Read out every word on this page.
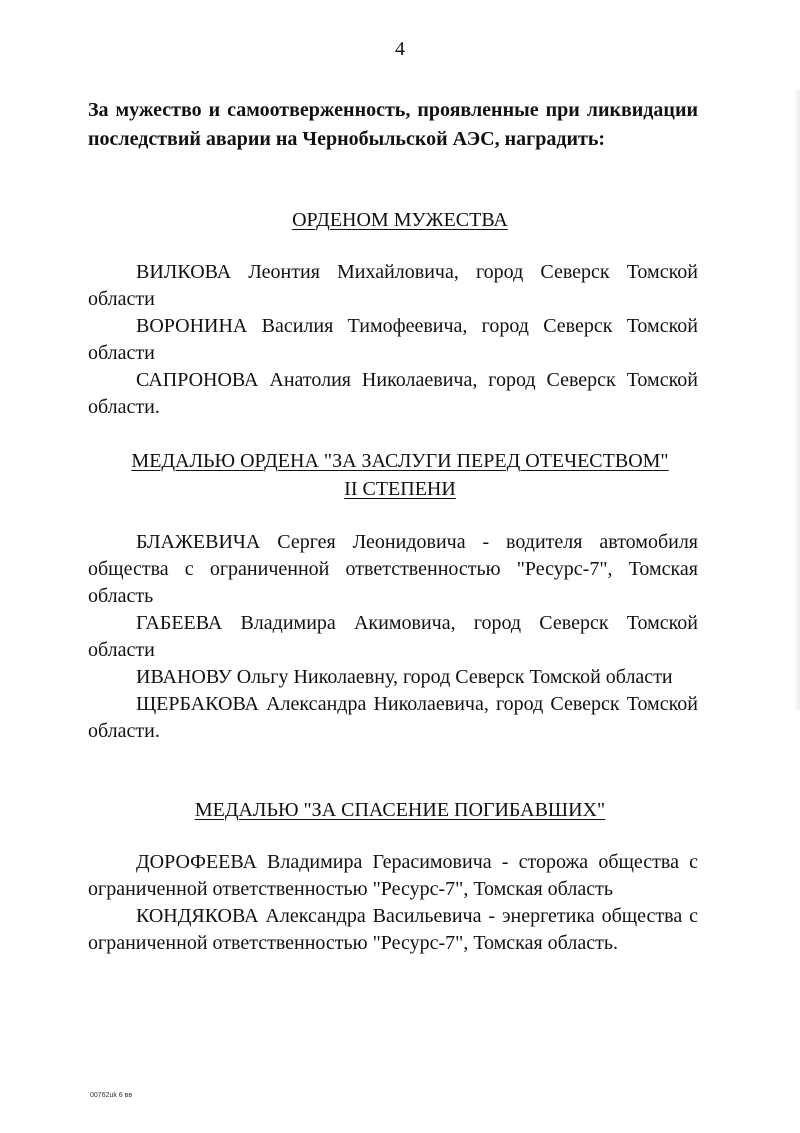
4
За мужество и самоотверженность, проявленные при ликвидации последствий аварии на Чернобыльской АЭС, наградить:
ОРДЕНОМ МУЖЕСТВА

ВИЛКОВА Леонтия Михайловича, город Северск Томской области

ВОРОНИНА Василия Тимофеевича, город Северск Томской области

САПРОНОВА Анатолия Николаевича, город Северск Томской области.

МЕДАЛЬЮ ОРДЕНА "ЗА ЗАСЛУГИ ПЕРЕД ОТЕЧЕСТВОМ"
II СТЕПЕНИ

БЛАЖЕВИЧА Сергея Леонидовича - водителя автомобиля общества с ограниченной ответственностью "Ресурс-7", Томская область

ГАБЕЕВА Владимира Акимовича, город Северск Томской области

ИВАНОВУ Ольгу Николаевну, город Северск Томской области

ЩЕРБАКОВА Александра Николаевича, город Северск Томской области.

МЕДАЛЬЮ "ЗА СПАСЕНИЕ ПОГИБАВШИХ"

ДОРОФЕЕВА Владимира Герасимовича - сторожа общества с ограниченной ответственностью "Ресурс-7", Томская область

КОНДЯКОВА Александра Васильевича - энергетика общества с ограниченной ответственностью "Ресурс-7", Томская область.

00762uk 6 вв
